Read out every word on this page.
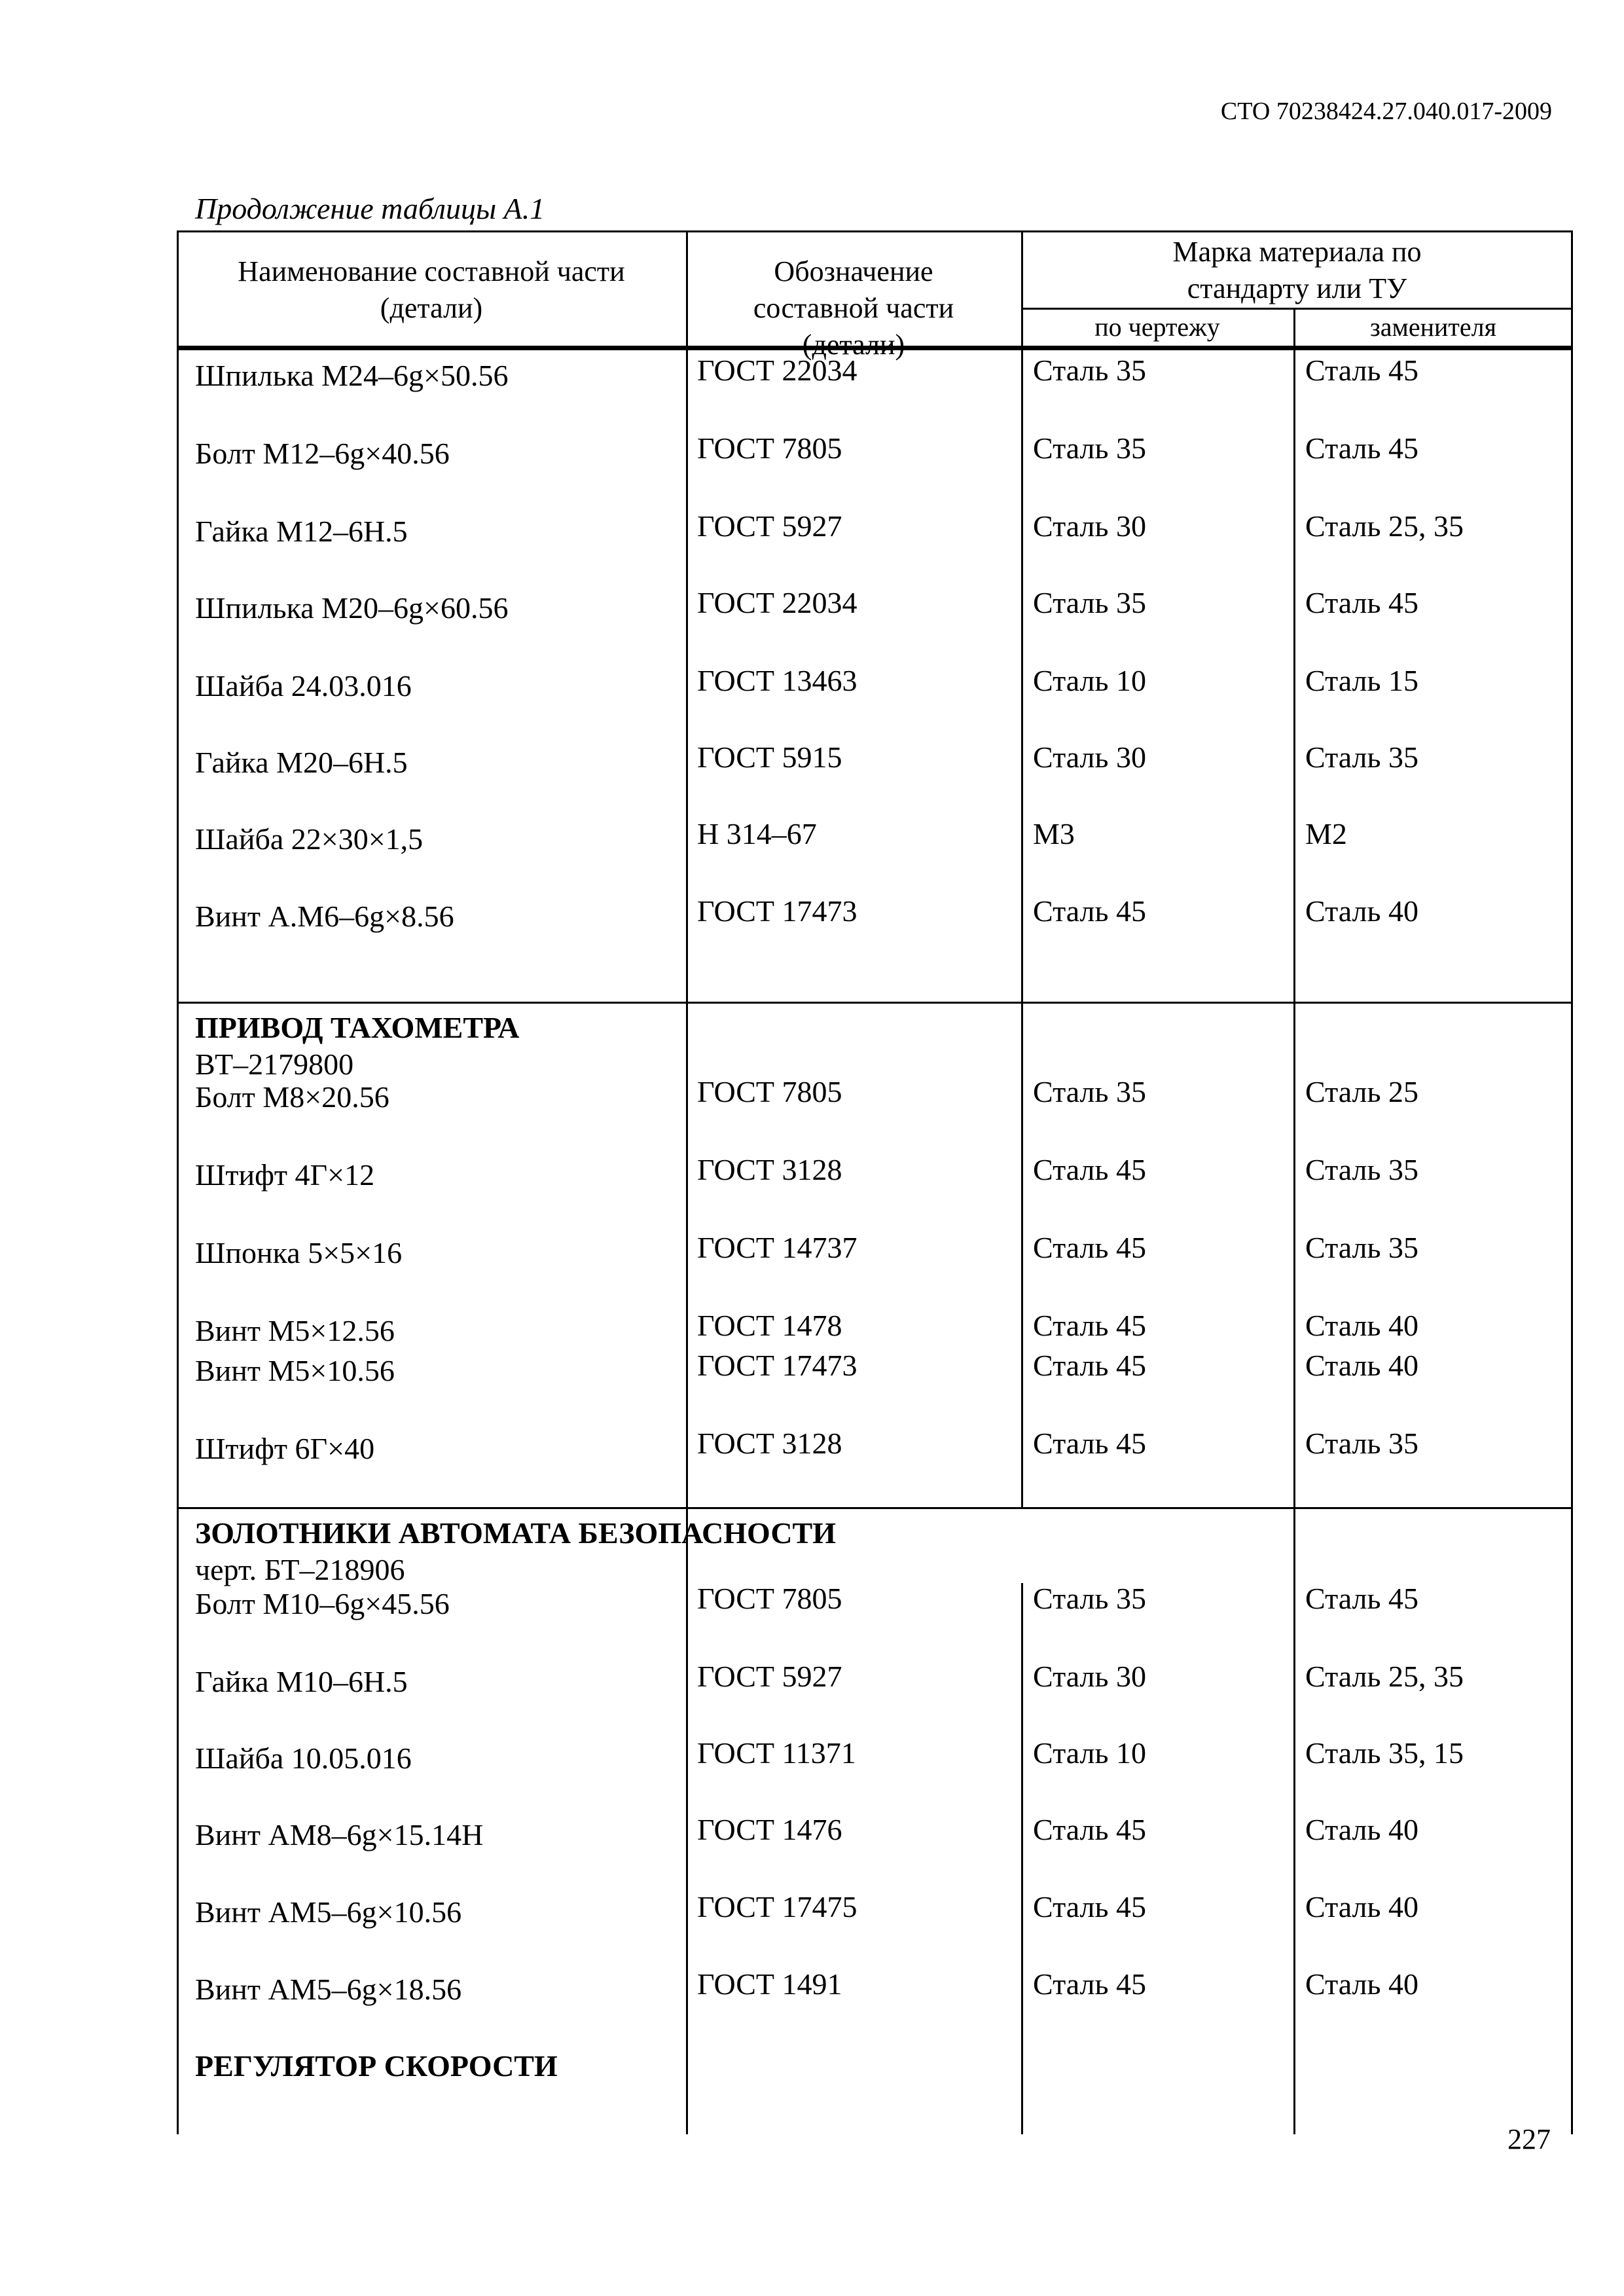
СТО 70238424.27.040.017-2009
Продолжение таблицы А.1
Наименование составной части (детали)
Обозначение составной части (детали)
Марка материала по стандарту или ТУ
по чертежу	заменителя
Шпилька М24–6g×50.56	ГОСТ 22034	Сталь 35	Сталь 45
Болт М12–6g×40.56	ГОСТ 7805	Сталь 35	Сталь 45
Гайка М12–6Н.5	ГОСТ 5927	Сталь 30	Сталь 25, 35
Шпилька М20–6g×60.56	ГОСТ 22034	Сталь 35	Сталь 45
Шайба 24.03.016	ГОСТ 13463	Сталь 10	Сталь 15
Гайка М20–6Н.5	ГОСТ 5915	Сталь 30	Сталь 35
Шайба 22×30×1,5	Н 314–67	М3	М2
Винт А.М6–6g×8.56	ГОСТ 17473	Сталь 45	Сталь 40
ПРИВОД ТАХОМЕТРА
ВТ–2179800
Болт М8×20.56	ГОСТ 7805	Сталь 35	Сталь 25
Штифт 4Г×12	ГОСТ 3128	Сталь 45	Сталь 35
Шпонка 5×5×16	ГОСТ 14737	Сталь 45	Сталь 35
Винт М5×12.56	ГОСТ 1478	Сталь 45	Сталь 40
Винт М5×10.56	ГОСТ 17473	Сталь 45	Сталь 40
Штифт 6Г×40	ГОСТ 3128	Сталь 45	Сталь 35
ЗОЛОТНИКИ АВТОМАТА БЕЗОПАСНОСТИ
черт. БТ–218906
Болт М10–6g×45.56	ГОСТ 7805	Сталь 35	Сталь 45
Гайка М10–6Н.5	ГОСТ 5927	Сталь 30	Сталь 25, 35
Шайба 10.05.016	ГОСТ 11371	Сталь 10	Сталь 35, 15
Винт АМ8–6g×15.14Н	ГОСТ 1476	Сталь 45	Сталь 40
Винт АМ5–6g×10.56	ГОСТ 17475	Сталь 45	Сталь 40
Винт АМ5–6g×18.56	ГОСТ 1491	Сталь 45	Сталь 40
РЕГУЛЯТОР СКОРОСТИ
227
